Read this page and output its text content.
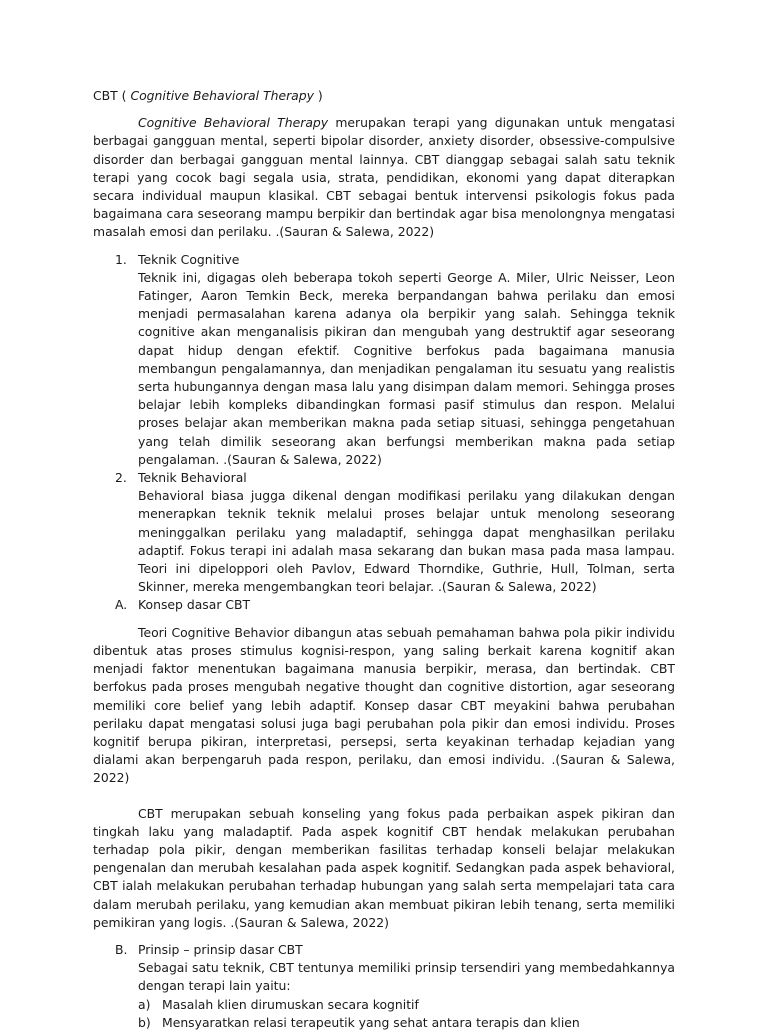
CBT ( Cognitive Behavioral Therapy )

Cognitive Behavioral Therapy merupakan terapi yang digunakan untuk mengatasi berbagai gangguan mental, seperti bipolar disorder, anxiety disorder, obsessive-compulsive disorder dan berbagai gangguan mental lainnya. CBT dianggap sebagai salah satu teknik terapi yang cocok bagi segala usia, strata, pendidikan, ekonomi yang dapat diterapkan secara individual maupun klasikal. CBT sebagai bentuk intervensi psikologis fokus pada bagaimana cara seseorang mampu berpikir dan bertindak agar bisa menolongnya mengatasi masalah emosi dan perilaku. .(Sauran & Salewa, 2022)

1. Teknik Cognitive

Teknik ini, digagas oleh beberapa tokoh seperti George A. Miler, Ulric Neisser, Leon Fatinger, Aaron Temkin Beck, mereka berpandangan bahwa perilaku dan emosi menjadi permasalahan karena adanya ola berpikir yang salah. Sehingga teknik cognitive akan menganalisis pikiran dan mengubah yang destruktif agar seseorang dapat hidup dengan efektif. Cognitive berfokus pada bagaimana manusia membangun pengalamannya, dan menjadikan pengalaman itu sesuatu yang realistis serta hubungannya dengan masa lalu yang disimpan dalam memori. Sehingga proses belajar lebih kompleks dibandingkan formasi pasif stimulus dan respon. Melalui proses belajar akan memberikan makna pada setiap situasi, sehingga pengetahuan yang telah dimilik seseorang akan berfungsi memberikan makna pada setiap pengalaman. .(Sauran & Salewa, 2022)

2. Teknik Behavioral

Behavioral biasa jugga dikenal dengan modifikasi perilaku yang dilakukan dengan menerapkan teknik teknik melalui proses belajar untuk menolong seseorang meninggalkan perilaku yang maladaptif, sehingga dapat menghasilkan perilaku adaptif. Fokus terapi ini adalah masa sekarang dan bukan masa pada masa lampau. Teori ini dipeloppori oleh Pavlov, Edward Thorndike, Guthrie, Hull, Tolman, serta Skinner, mereka mengembangkan teori belajar. .(Sauran & Salewa, 2022)

A. Konsep dasar CBT

Teori Cognitive Behavior dibangun atas sebuah pemahaman bahwa pola pikir individu dibentuk atas proses stimulus kognisi-respon, yang saling berkait karena kognitif akan menjadi faktor menentukan bagaimana manusia berpikir, merasa, dan bertindak. CBT berfokus pada proses mengubah negative thought dan cognitive distortion, agar seseorang memiliki core belief yang lebih adaptif. Konsep dasar CBT meyakini bahwa perubahan perilaku dapat mengatasi solusi juga bagi perubahan pola pikir dan emosi individu. Proses kognitif berupa pikiran, interpretasi, persepsi, serta keyakinan terhadap kejadian yang dialami akan berpengaruh pada respon, perilaku, dan emosi individu. .(Sauran & Salewa, 2022)

CBT merupakan sebuah konseling yang fokus pada perbaikan aspek pikiran dan tingkah laku yang maladaptif. Pada aspek kognitif CBT hendak melakukan perubahan terhadap pola pikir, dengan memberikan fasilitas terhadap konseli belajar melakukan pengenalan dan merubah kesalahan pada aspek kognitif. Sedangkan pada aspek behavioral, CBT ialah melakukan perubahan terhadap hubungan yang salah serta mempelajari tata cara dalam merubah perilaku, yang kemudian akan membuat pikiran lebih tenang, serta memiliki pemikiran yang logis. .(Sauran & Salewa, 2022)

B. Prinsip – prinsip dasar CBT

Sebagai satu teknik, CBT tentunya memiliki prinsip tersendiri yang membedahkannya dengan terapi lain yaitu:

a) Masalah klien dirumuskan secara kognitif
b) Mensyaratkan relasi terapeutik yang sehat antara terapis dan klien
